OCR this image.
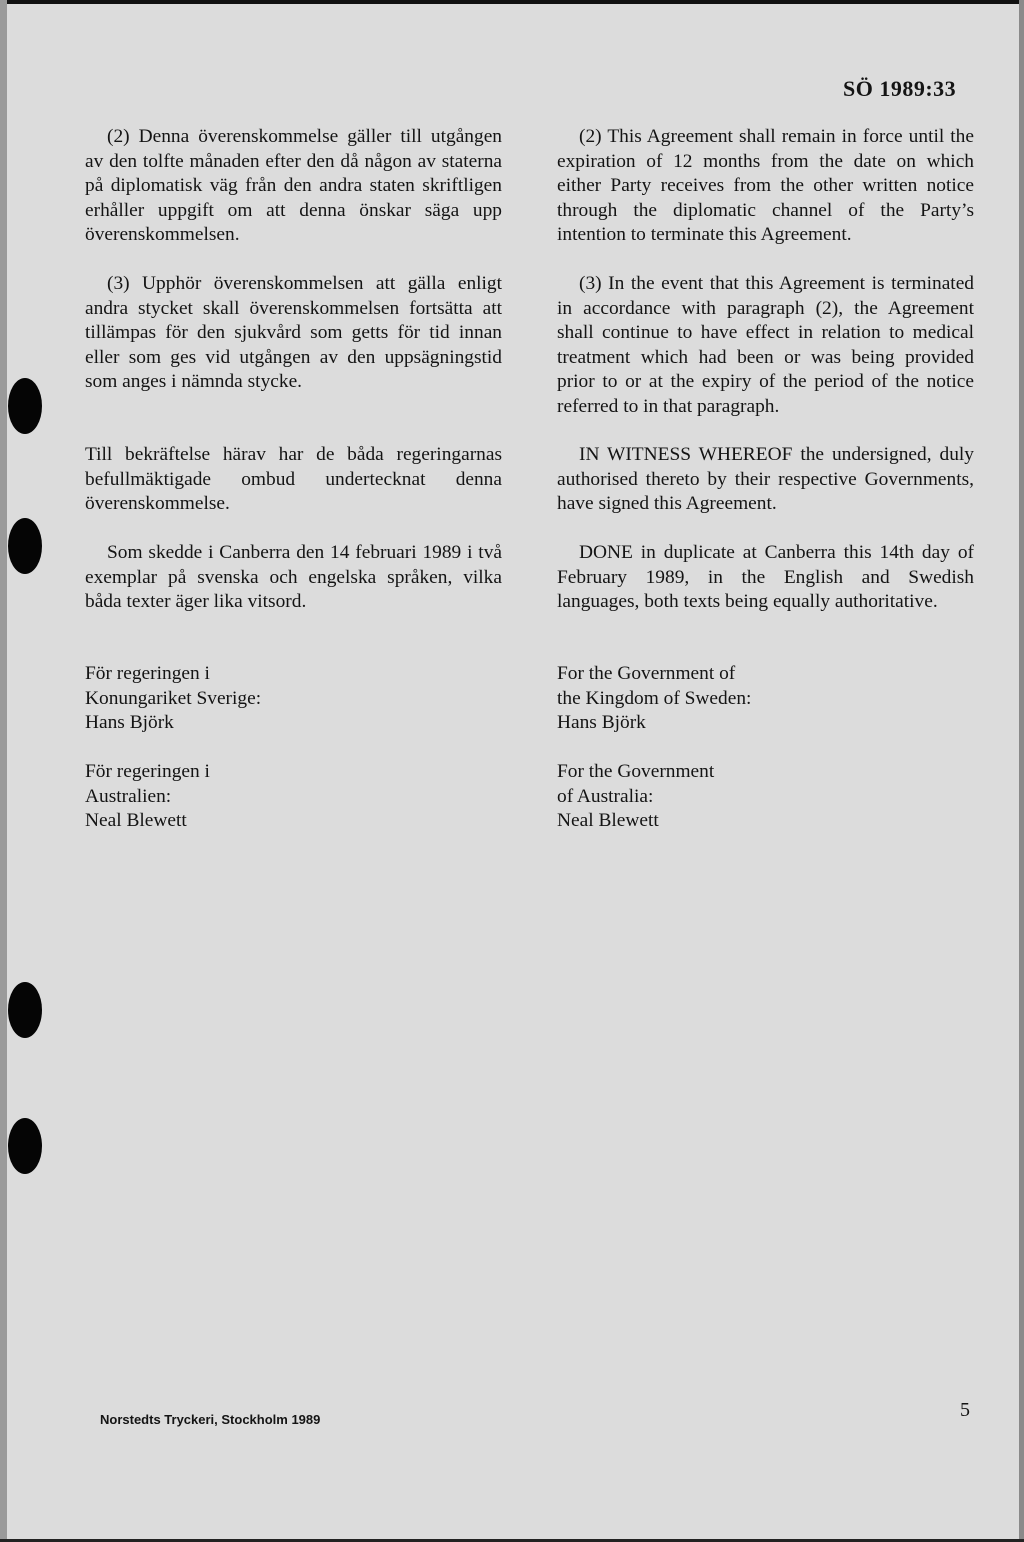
SÖ 1989:33

(2) Denna överenskommelse gäller till utgången av den tolfte månaden efter den då någon av staterna på diplomatisk väg från den andra staten skriftligen erhåller uppgift om att denna önskar säga upp överenskommelsen.

(3) Upphör överenskommelsen att gälla enligt andra stycket skall överenskommelsen fortsätta att tillämpas för den sjukvård som getts för tid innan eller som ges vid utgången av den uppsägningstid som anges i nämnda stycke.

Till bekräftelse härav har de båda regeringarnas befullmäktigade ombud undertecknat denna överenskommelse.

Som skedde i Canberra den 14 februari 1989 i två exemplar på svenska och engelska språken, vilka båda texter äger lika vitsord.

(2) This Agreement shall remain in force until the expiration of 12 months from the date on which either Party receives from the other written notice through the diplomatic channel of the Party’s intention to terminate this Agreement.

(3) In the event that this Agreement is terminated in accordance with paragraph (2), the Agreement shall continue to have effect in relation to medical treatment which had been or was being provided prior to or at the expiry of the period of the notice referred to in that paragraph.

IN WITNESS WHEREOF the undersigned, duly authorised thereto by their respective Governments, have signed this Agreement.

DONE in duplicate at Canberra this 14th day of February 1989, in the English and Swedish languages, both texts being equally authoritative.

För regeringen i
Konungariket Sverige:
Hans Björk
For the Government of
the Kingdom of Sweden:
Hans Björk
För regeringen i
Australien:
Neal Blewett
For the Government
of Australia:
Neal Blewett
Norstedts Tryckeri, Stockholm 1989	5
